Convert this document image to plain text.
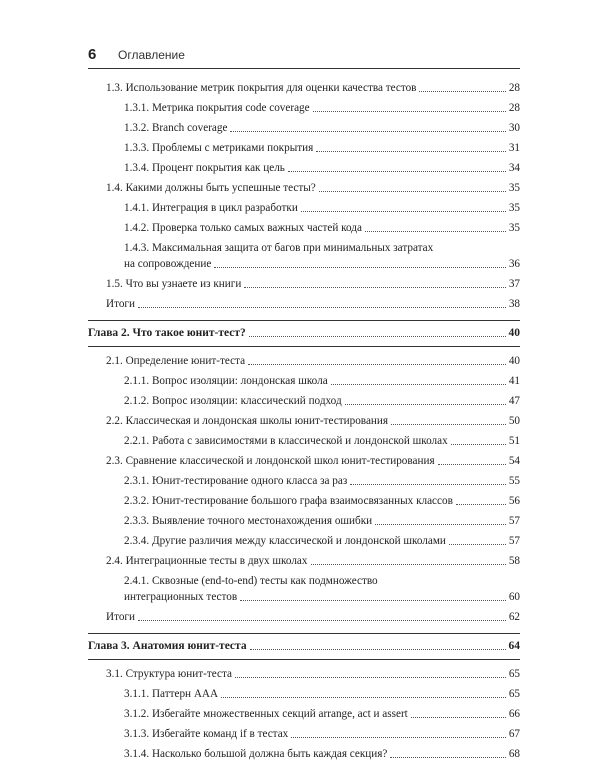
6 Оглавление
1.3. Использование метрик покрытия для оценки качества тестов	28
1.3.1. Метрика покрытия code coverage	28
1.3.2. Branch coverage	30
1.3.3. Проблемы с метриками покрытия	31
1.3.4. Процент покрытия как цель	34
1.4. Какими должны быть успешные тесты?	35
1.4.1. Интеграция в цикл разработки	35
1.4.2. Проверка только самых важных частей кода	35
1.4.3. Максимальная защита от багов при минимальных затратах
на сопровождение	36
1.5. Что вы узнаете из книги	37
Итоги	38
Глава 2. Что такое юнит-тест?	40
2.1. Определение юнит-теста	40
2.1.1. Вопрос изоляции: лондонская школа	41
2.1.2. Вопрос изоляции: классический подход	47
2.2. Классическая и лондонская школы юнит-тестирования	50
2.2.1. Работа с зависимостями в классической и лондонской школах	51
2.3. Сравнение классической и лондонской школ юнит-тестирования	54
2.3.1. Юнит-тестирование одного класса за раз	55
2.3.2. Юнит-тестирование большого графа взаимосвязанных классов	56
2.3.3. Выявление точного местонахождения ошибки	57
2.3.4. Другие различия между классической и лондонской школами	57
2.4. Интеграционные тесты в двух школах	58
2.4.1. Сквозные (end-to-end) тесты как подмножество
интеграционных тестов	60
Итоги	62
Глава 3. Анатомия юнит-теста	64
3.1. Структура юнит-теста	65
3.1.1. Паттерн AAA	65
3.1.2. Избегайте множественных секций arrange, act и assert	66
3.1.3. Избегайте команд if в тестах	67
3.1.4. Насколько большой должна быть каждая секция?	68
